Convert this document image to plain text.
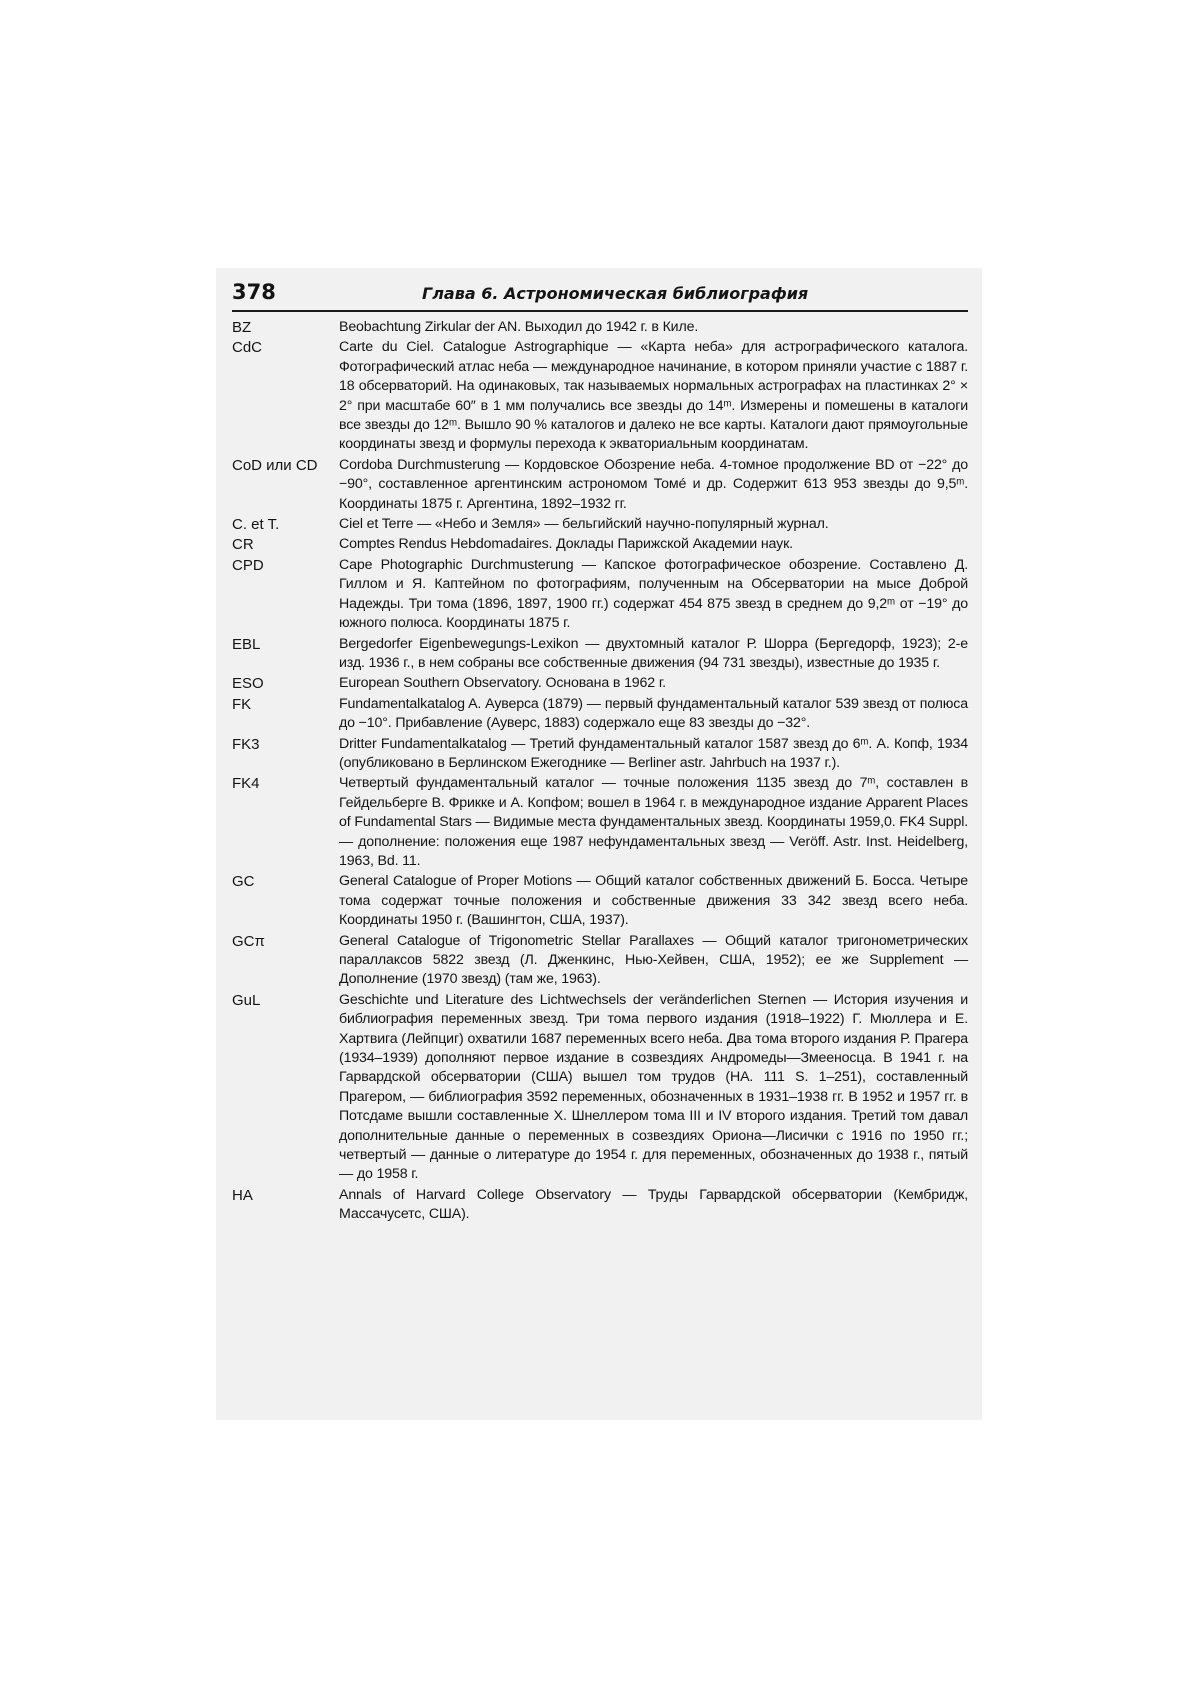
378	Глава 6. Астрономическая библиография
BZ	Beobachtung Zirkular der AN. Выходил до 1942 г. в Киле.
CdC	Carte du Ciel. Catalogue Astrographique — «Карта неба» для астрографического каталога. Фотографический атлас неба — международное начинание, в котором приняли участие с 1887 г. 18 обсерваторий. На одинаковых, так называемых нормальных астрографах на пластинках 2° × 2° при масштабе 60″ в 1 мм получались все звезды до 14ᵐ. Измерены и помешены в каталоги все звезды до 12ᵐ. Вышло 90 % каталогов и далеко не все карты. Каталоги дают прямоугольные координаты звезд и формулы перехода к экваториальным координатам.
CoD или CD	Cordoba Durchmusterung — Кордовское Обозрение неба. 4-томное продолжение BD от −22° до −90°, составленное аргентинским астрономом Томé и др. Содержит 613 953 звезды до 9,5ᵐ. Координаты 1875 г. Аргентина, 1892–1932 гг.
C. et T.	Ciel et Terre — «Небо и Земля» — бельгийский научно-популярный журнал.
CR	Comptes Rendus Hebdomadaires. Доклады Парижской Академии наук.
CPD	Cape Photographic Durchmusterung — Капское фотографическое обозрение. Составлено Д. Гиллом и Я. Каптейном по фотографиям, полученным на Обсерватории на мысе Доброй Надежды. Три тома (1896, 1897, 1900 гг.) содержат 454 875 звезд в среднем до 9,2ᵐ от −19° до южного полюса. Координаты 1875 г.
EBL	Bergedorfer Eigenbewegungs-Lexikon — двухтомный каталог Р. Шорра (Бергедорф, 1923); 2-е изд. 1936 г., в нем собраны все собственные движения (94 731 звезды), известные до 1935 г.
ESO	European Southern Observatory. Основана в 1962 г.
FK	Fundamentalkatalog A. Ауверса (1879) — первый фундаментальный каталог 539 звезд от полюса до −10°. Прибавление (Ауверс, 1883) содержало еще 83 звезды до −32°.
FK3	Dritter Fundamentalkatalog — Третий фундаментальный каталог 1587 звезд до 6ᵐ. А. Копф, 1934 (опубликовано в Берлинском Ежегоднике — Berliner astr. Jahrbuch на 1937 г.).
FK4	Четвертый фундаментальный каталог — точные положения 1135 звезд до 7ᵐ, составлен в Гейдельберге В. Фрикке и А. Копфом; вошел в 1964 г. в международное издание Apparent Places of Fundamental Stars — Видимые места фундаментальных звезд. Координаты 1959,0. FK4 Suppl. — дополнение: положения еще 1987 нефундаментальных звезд — Veröff. Astr. Inst. Heidelberg, 1963, Bd. 11.
GC	General Catalogue of Proper Motions — Общий каталог собственных движений Б. Босса. Четыре тома содержат точные положения и собственные движения 33 342 звезд всего неба. Координаты 1950 г. (Вашингтон, США, 1937).
GCπ	General Catalogue of Trigonometric Stellar Parallaxes — Общий каталог тригонометрических параллаксов 5822 звезд (Л. Дженкинс, Нью-Хейвен, США, 1952); ее же Supplement — Дополнение (1970 звезд) (там же, 1963).
GuL	Geschichte und Literature des Lichtwechsels der veränderlichen Sternen — История изучения и библиография переменных звезд. Три тома первого издания (1918–1922) Г. Мюллера и Е. Хартвига (Лейпциг) охватили 1687 переменных всего неба. Два тома второго издания Р. Прагера (1934–1939) дополняют первое издание в созвездиях Андромеды—Змееносца. В 1941 г. на Гарвардской обсерватории (США) вышел том трудов (HA. 111 S. 1–251), составленный Прагером, — библиография 3592 переменных, обозначенных в 1931–1938 гг. В 1952 и 1957 гг. в Потсдаме вышли составленные Х. Шнеллером тома III и IV второго издания. Третий том давал дополнительные данные о переменных в созвездиях Ориона—Лисички с 1916 по 1950 гг.; четвертый — данные о литературе до 1954 г. для переменных, обозначенных до 1938 г., пятый — до 1958 г.
HA	Annals of Harvard College Observatory — Труды Гарвардской обсерватории (Кембридж, Массачусетс, США).
